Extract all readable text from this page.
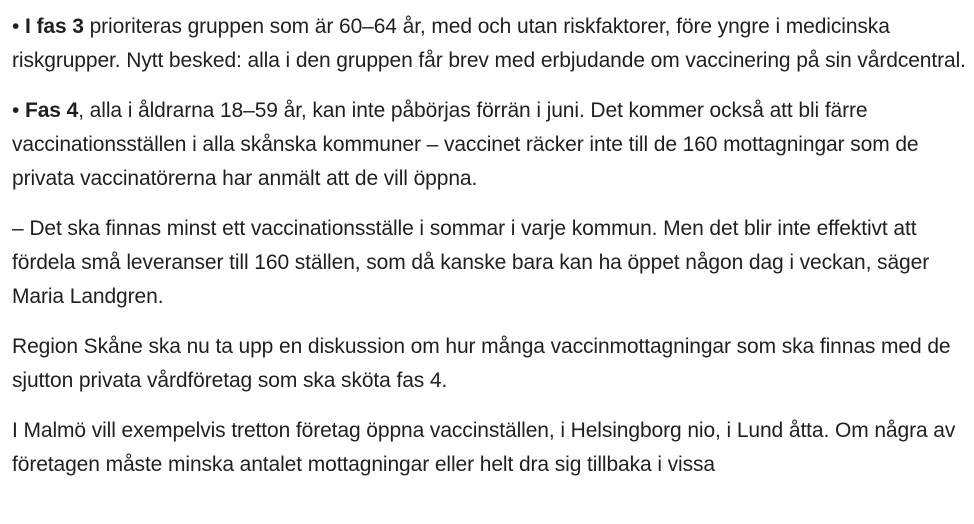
• I fas 3 prioriteras gruppen som är 60–64 år, med och utan riskfaktorer, före yngre i medicinska riskgrupper. Nytt besked: alla i den gruppen får brev med erbjudande om vaccinering på sin vårdcentral.

• Fas 4, alla i åldrarna 18–59 år, kan inte påbörjas förrän i juni. Det kommer också att bli färre vaccinationsställen i alla skånska kommuner – vaccinet räcker inte till de 160 mottagningar som de privata vaccinatörerna har anmält att de vill öppna.

– Det ska finnas minst ett vaccinationsställe i sommar i varje kommun. Men det blir inte effektivt att fördela små leveranser till 160 ställen, som då kanske bara kan ha öppet någon dag i veckan, säger Maria Landgren.

Region Skåne ska nu ta upp en diskussion om hur många vaccinmottagningar som ska finnas med de sjutton privata vårdföretag som ska sköta fas 4.

I Malmö vill exempelvis tretton företag öppna vaccinställen, i Helsingborg nio, i Lund åtta. Om några av företagen måste minska antalet mottagningar eller helt dra sig tillbaka i vissa
